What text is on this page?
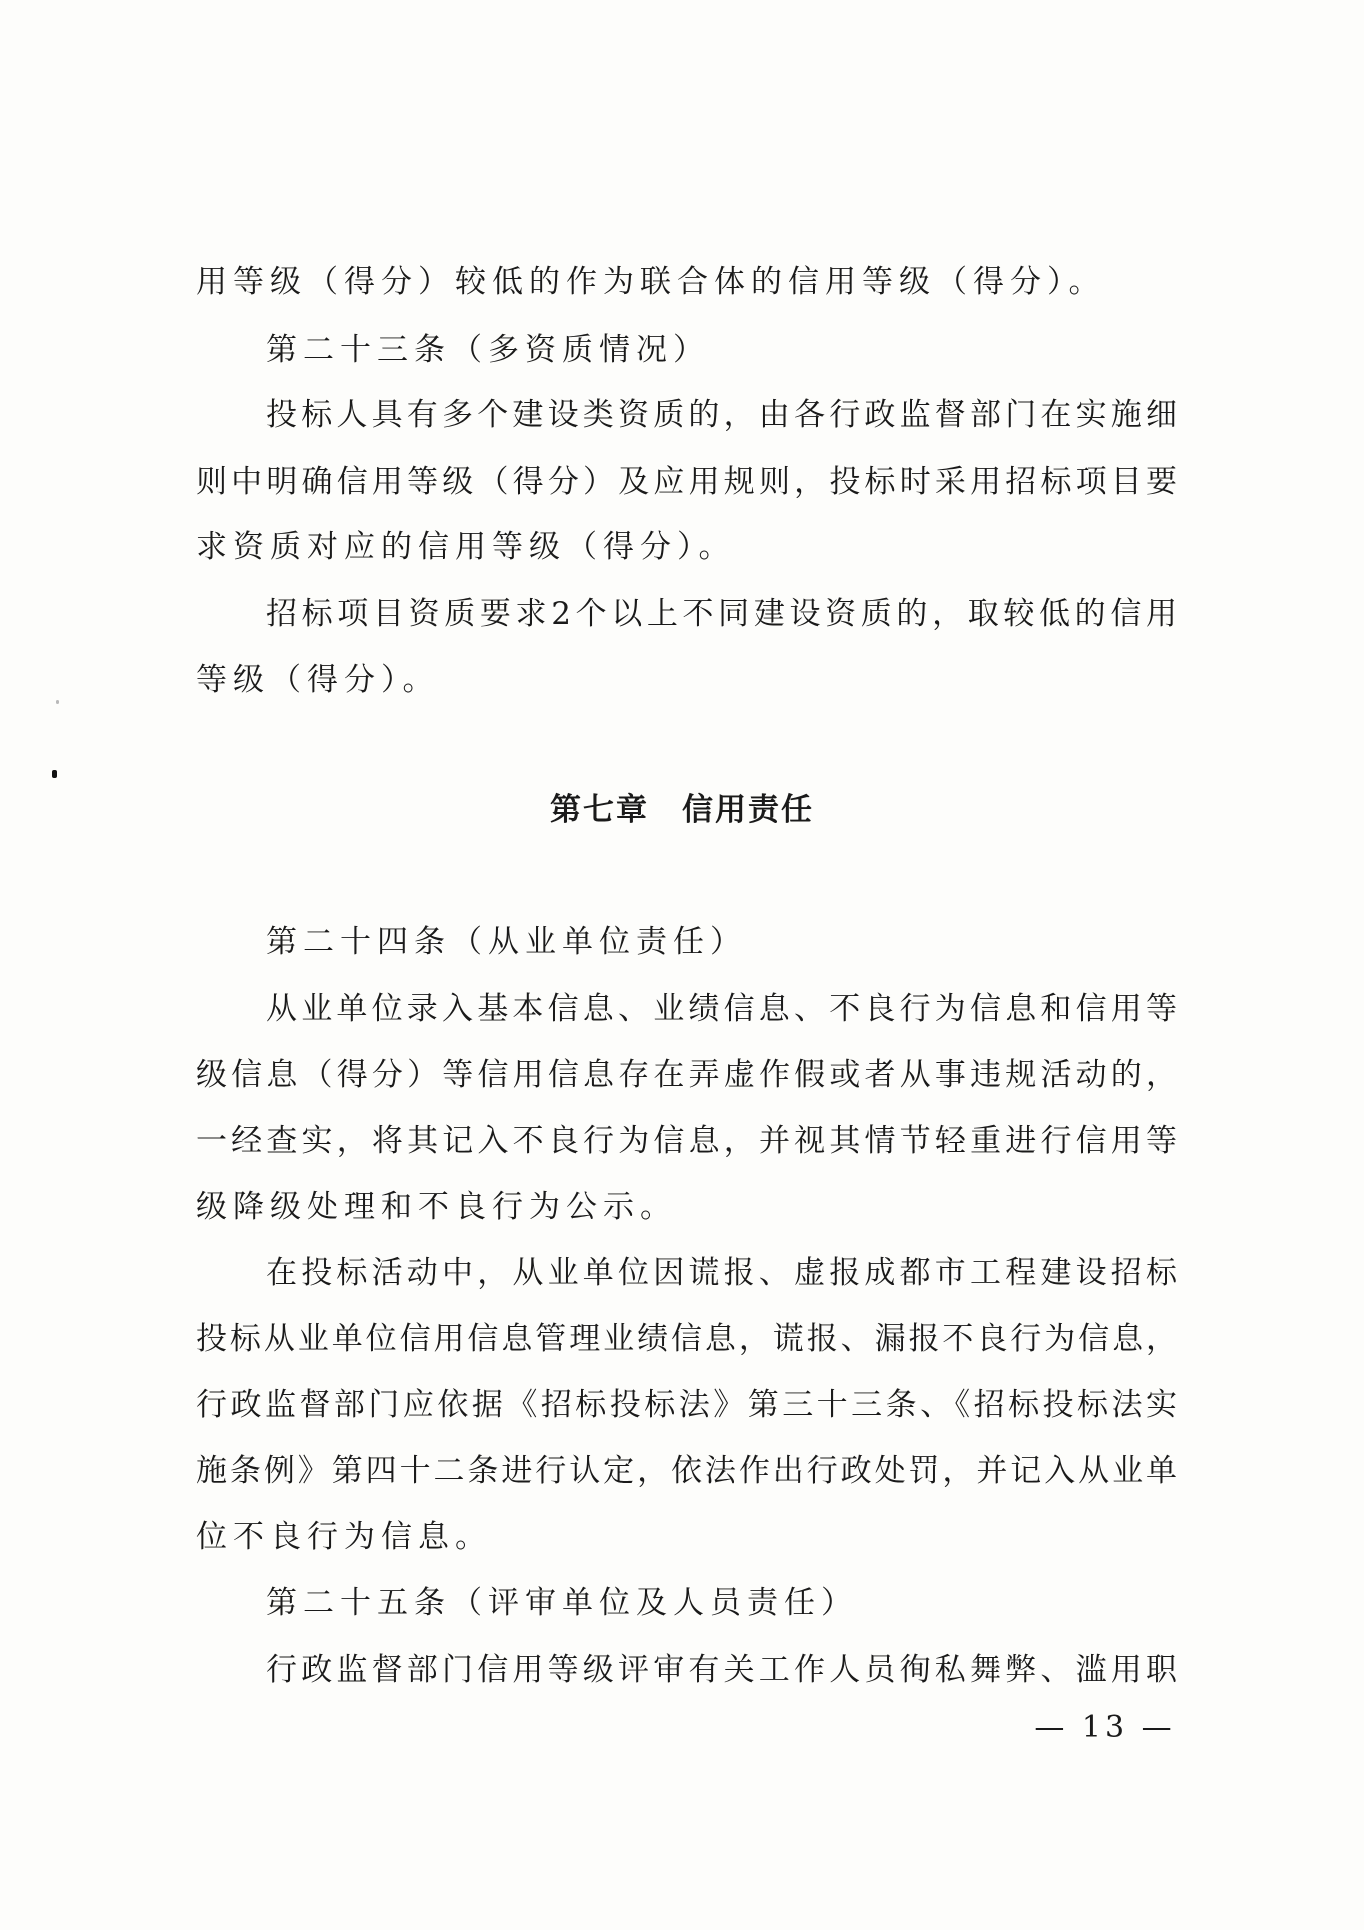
用等级（得分）较低的作为联合体的信用等级（得分）。
第二十三条（多资质情况）
投标人具有多个建设类资质的，由各行政监督部门在实施细
则中明确信用等级（得分）及应用规则，投标时采用招标项目要
求资质对应的信用等级（得分）。
招标项目资质要求2个以上不同建设资质的，取较低的信用
等级（得分）。
第七章　信用责任
第二十四条（从业单位责任）
从业单位录入基本信息、业绩信息、不良行为信息和信用等
级信息（得分）等信用信息存在弄虚作假或者从事违规活动的，
一经查实，将其记入不良行为信息，并视其情节轻重进行信用等
级降级处理和不良行为公示。
在投标活动中，从业单位因谎报、虚报成都市工程建设招标
投标从业单位信用信息管理业绩信息，谎报、漏报不良行为信息，
行政监督部门应依据《招标投标法》第三十三条、《招标投标法实
施条例》第四十二条进行认定，依法作出行政处罚，并记入从业单
位不良行为信息。
第二十五条（评审单位及人员责任）
行政监督部门信用等级评审有关工作人员徇私舞弊、滥用职
— 13 —
